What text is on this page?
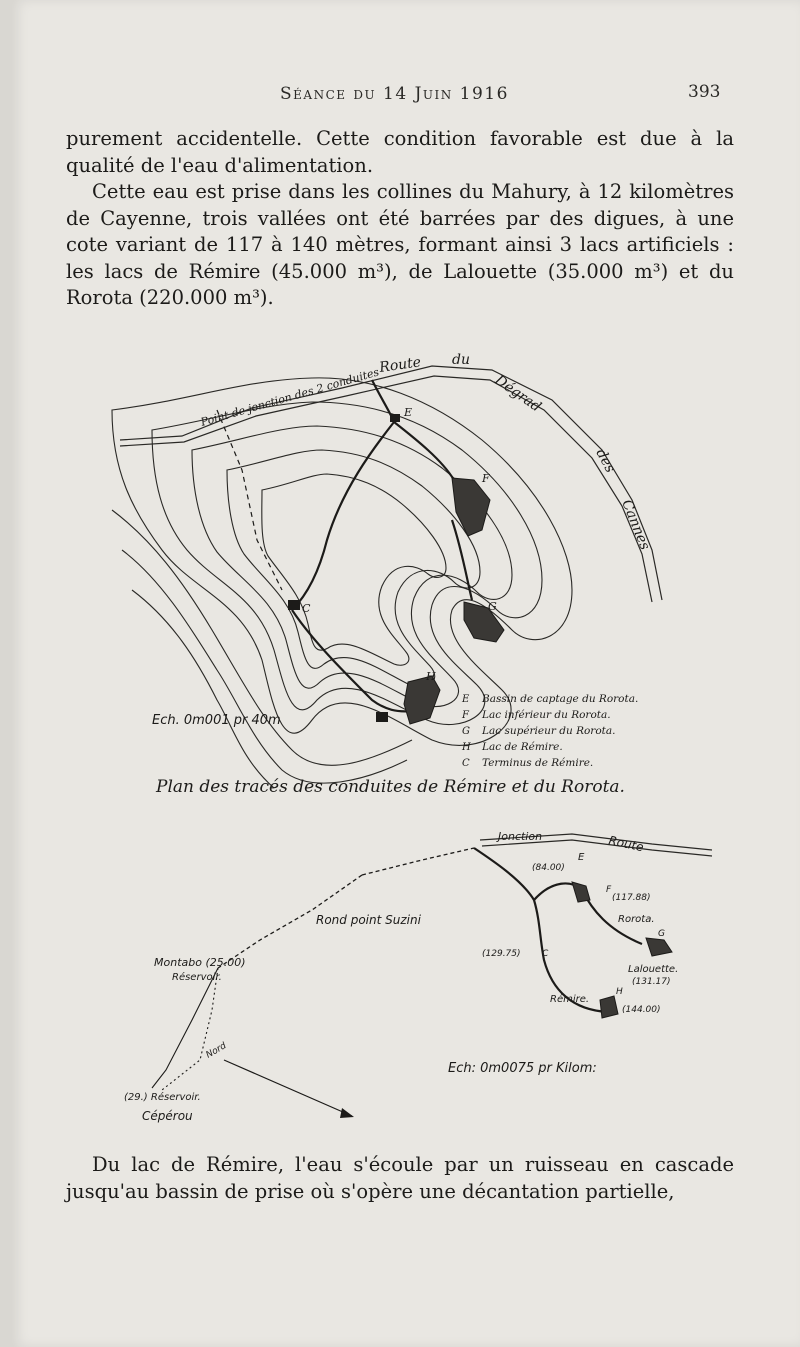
Séance du 14 Juin 1916	393

purement accidentelle. Cette condition favorable est due à la qualité de l'eau d'alimentation.

Cette eau est prise dans les collines du Mahury, à 12 kilomètres de Cayenne, trois vallées ont été barrées par des digues, à une cote variant de 117 à 140 mètres, formant ainsi 3 lacs artificiels : les lacs de Rémire (45.000 m³), de Lalouette (35.000 m³) et du Rorota (220.000 m³).

Route du
Dégrad
des
Cannes
Point de jonction des 2 conduites E
F
G
H
C
Ech. 0m001 pr 40m
E Bassin de captage du Rorota.
F Lac inférieur du Rorota.
G Lac supérieur du Rorota.
H Lac de Rémire.
C Terminus de Rémire.
Plan des tracés des conduites de Rémire et du Rorota.
Jonction	Route
E
(84.00)
F
(117.88)
Rorota.
G
Lalouette.
(131.17)
(129.75) C
Rémire.
H
(144.00)
Rond point Suzini
Montabo (25.00)
Réservoir.
Nord
(29.) Réservoir.
Cépérou
Ech: 0m0075 pr Kilom:

Du lac de Rémire, l'eau s'écoule par un ruisseau en cascade jusqu'au bassin de prise où s'opère une décantation partielle,
